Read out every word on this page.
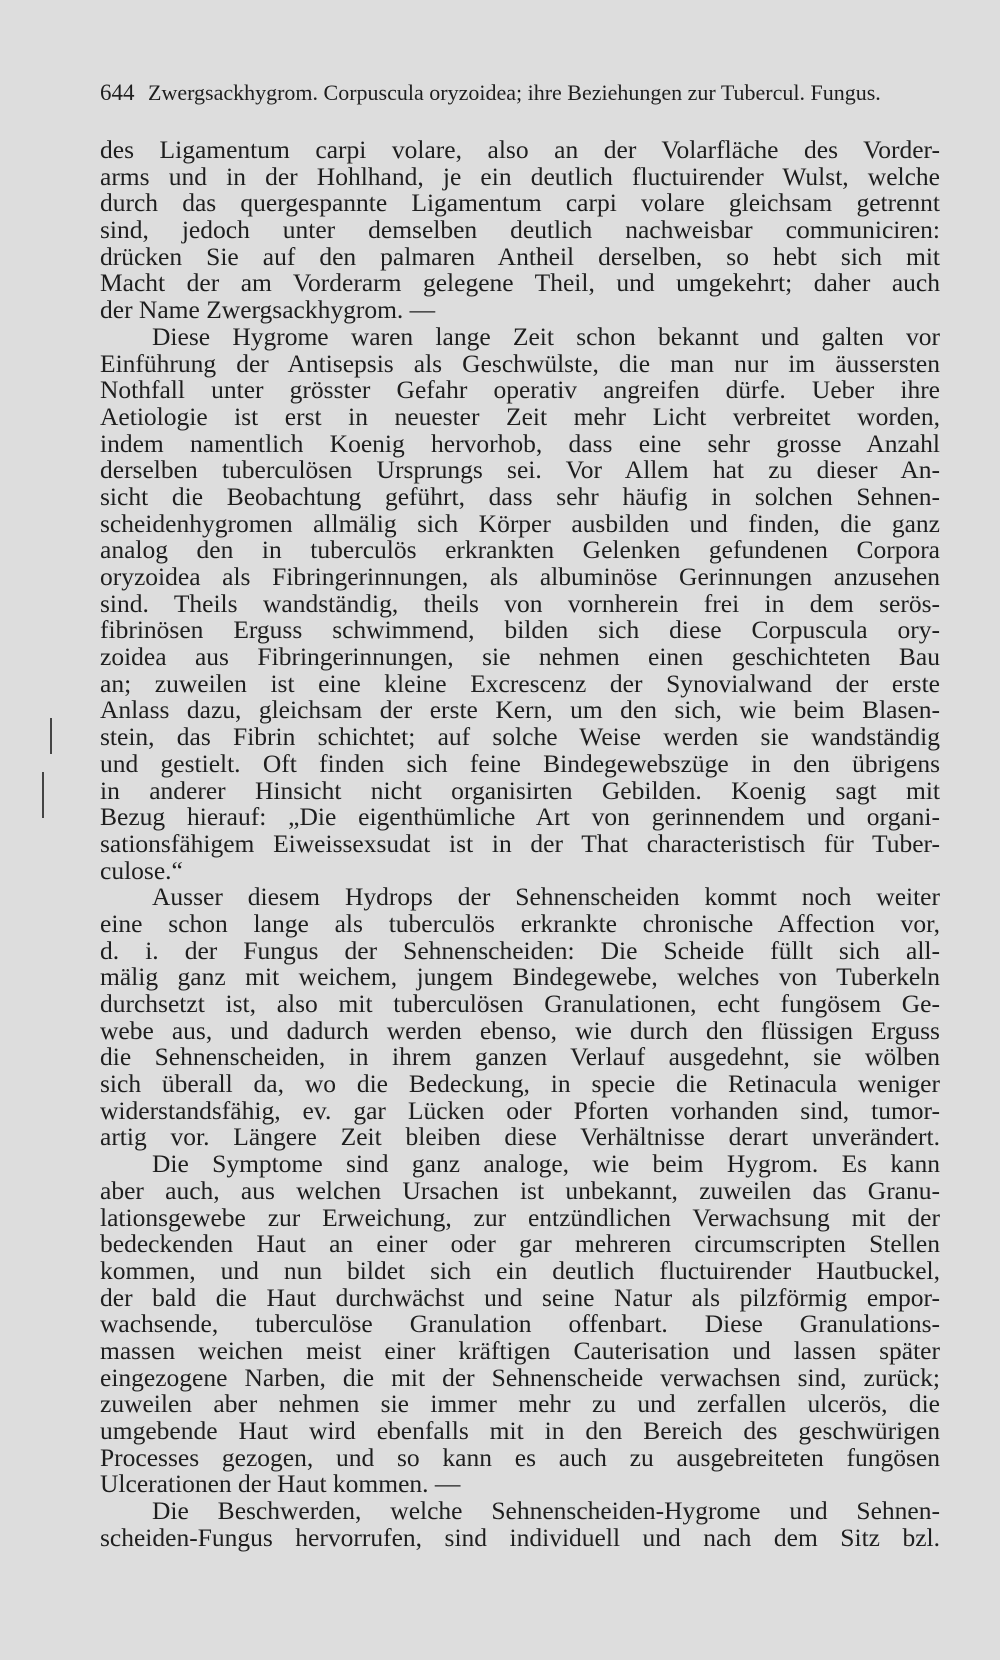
644 Zwergsackhygrom. Corpuscula oryzoidea; ihre Beziehungen zur Tubercul. Fungus.
des Ligamentum carpi volare, also an der Volarfläche des Vorder-
arms und in der Hohlhand, je ein deutlich fluctuirender Wulst, welche
durch das quergespannte Ligamentum carpi volare gleichsam getrennt
sind, jedoch unter demselben deutlich nachweisbar communiciren:
drücken Sie auf den palmaren Antheil derselben, so hebt sich mit
Macht der am Vorderarm gelegene Theil, und umgekehrt; daher auch
der Name Zwergsackhygrom. —
Diese Hygrome waren lange Zeit schon bekannt und galten vor
Einführung der Antisepsis als Geschwülste, die man nur im äussersten
Nothfall unter grösster Gefahr operativ angreifen dürfe. Ueber ihre
Aetiologie ist erst in neuester Zeit mehr Licht verbreitet worden,
indem namentlich Koenig hervorhob, dass eine sehr grosse Anzahl
derselben tuberculösen Ursprungs sei. Vor Allem hat zu dieser An-
sicht die Beobachtung geführt, dass sehr häufig in solchen Sehnen-
scheidenhygromen allmälig sich Körper ausbilden und finden, die ganz
analog den in tuberculös erkrankten Gelenken gefundenen Corpora
oryzoidea als Fibringerinnungen, als albuminöse Gerinnungen anzusehen
sind. Theils wandständig, theils von vornherein frei in dem serös-
fibrinösen Erguss schwimmend, bilden sich diese Corpuscula ory-
zoidea aus Fibringerinnungen, sie nehmen einen geschichteten Bau
an; zuweilen ist eine kleine Excrescenz der Synovialwand der erste
Anlass dazu, gleichsam der erste Kern, um den sich, wie beim Blasen-
stein, das Fibrin schichtet; auf solche Weise werden sie wandständig
und gestielt. Oft finden sich feine Bindegewebszüge in den übrigens
in anderer Hinsicht nicht organisirten Gebilden. Koenig sagt mit
Bezug hierauf: „Die eigenthümliche Art von gerinnendem und organi-
sationsfähigem Eiweissexsudat ist in der That characteristisch für Tuber-
culose.“
Ausser diesem Hydrops der Sehnenscheiden kommt noch weiter
eine schon lange als tuberculös erkrankte chronische Affection vor,
d. i. der Fungus der Sehnenscheiden: Die Scheide füllt sich all-
mälig ganz mit weichem, jungem Bindegewebe, welches von Tuberkeln
durchsetzt ist, also mit tuberculösen Granulationen, echt fungösem Ge-
webe aus, und dadurch werden ebenso, wie durch den flüssigen Erguss
die Sehnenscheiden, in ihrem ganzen Verlauf ausgedehnt, sie wölben
sich überall da, wo die Bedeckung, in specie die Retinacula weniger
widerstandsfähig, ev. gar Lücken oder Pforten vorhanden sind, tumor-
artig vor. Längere Zeit bleiben diese Verhältnisse derart unverändert.
Die Symptome sind ganz analoge, wie beim Hygrom. Es kann
aber auch, aus welchen Ursachen ist unbekannt, zuweilen das Granu-
lationsgewebe zur Erweichung, zur entzündlichen Verwachsung mit der
bedeckenden Haut an einer oder gar mehreren circumscripten Stellen
kommen, und nun bildet sich ein deutlich fluctuirender Hautbuckel,
der bald die Haut durchwächst und seine Natur als pilzförmig empor-
wachsende, tuberculöse Granulation offenbart. Diese Granulations-
massen weichen meist einer kräftigen Cauterisation und lassen später
eingezogene Narben, die mit der Sehnenscheide verwachsen sind, zurück;
zuweilen aber nehmen sie immer mehr zu und zerfallen ulcerös, die
umgebende Haut wird ebenfalls mit in den Bereich des geschwürigen
Processes gezogen, und so kann es auch zu ausgebreiteten fungösen
Ulcerationen der Haut kommen. —
Die Beschwerden, welche Sehnenscheiden-Hygrome und Sehnen-
scheiden-Fungus hervorrufen, sind individuell und nach dem Sitz bzl.
